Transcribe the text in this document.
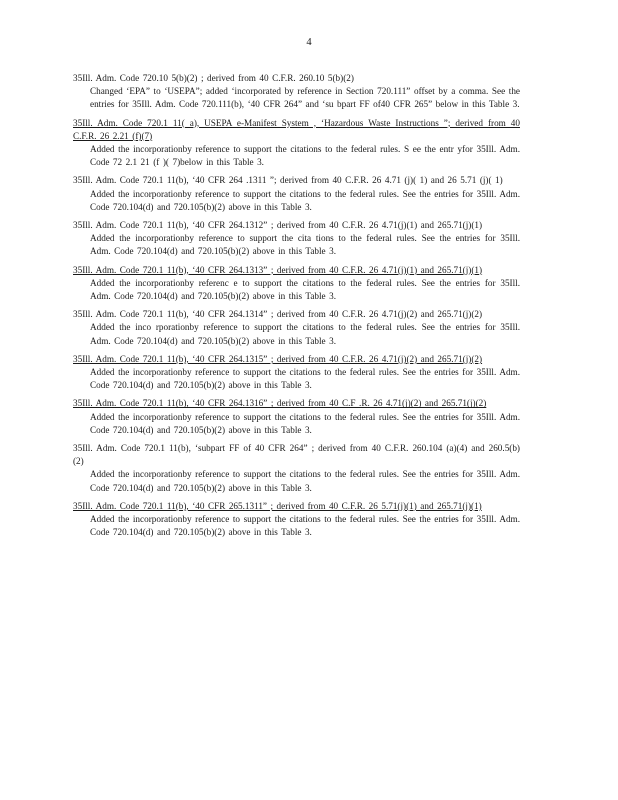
4
35Ill. Adm. Code 720.10 5(b)(2) ; derived from 40 C.F.R. 260.10 5(b)(2)
Changed ‘EPA” to ‘USEPA”; added ‘incorporated by reference in Section 720.111” offset by a comma. See the entries for 35Ill. Adm. Code 720.111(b), ‘40 CFR 264” and ‘su bpart FF of40 CFR 265” below in this Table 3.
35Ill. Adm. Code 720.1 11( a), USEPA e-Manifest System , ‘Hazardous Waste Instructions ”; derived from 40 C.F.R. 26 2.21 (f)(7)
Added the incorporationby reference to support the citations to the federal rules. S ee the entr yfor 35Ill. Adm. Code 72 2.1 21 (f )( 7)below in this Table 3.
35Ill. Adm. Code 720.1 11(b), ‘40 CFR 264 .1311 ”; derived from 40 C.F.R. 26 4.71 (j)( 1) and 26 5.71 (j)( 1)
Added the incorporationby reference to support the citations to the federal rules. See the entries for 35Ill. Adm. Code 720.104(d) and 720.105(b)(2) above in this Table 3.
35Ill. Adm. Code 720.1 11(b), ‘40 CFR 264.1312” ; derived from 40 C.F.R. 26 4.71(j)(1) and 265.71(j)(1)
Added the incorporationby reference to support the cita tions to the federal rules. See the entries for 35Ill. Adm. Code 720.104(d) and 720.105(b)(2) above in this Table 3.
35Ill. Adm. Code 720.1 11(b), ‘40 CFR 264.1313” ; derived from 40 C.F.R. 26 4.71(j)(1) and 265.71(j)(1)
Added the incorporationby referenc e to support the citations to the federal rules. See the entries for 35Ill. Adm. Code 720.104(d) and 720.105(b)(2) above in this Table 3.
35Ill. Adm. Code 720.1 11(b), ‘40 CFR 264.1314” ; derived from 40 C.F.R. 26 4.71(j)(2) and 265.71(j)(2)
Added the inco rporationby reference to support the citations to the federal rules. See the entries for 35Ill. Adm. Code 720.104(d) and 720.105(b)(2) above in this Table 3.
35Ill. Adm. Code 720.1 11(b), ‘40 CFR 264.1315” ; derived from 40 C.F.R. 26 4.71(j)(2) and 265.71(j)(2)
Added the incorporationby reference to support the citations to the federal rules. See the entries for 35Ill. Adm. Code 720.104(d) and 720.105(b)(2) above in this Table 3.
35Ill. Adm. Code 720.1 11(b), ‘40 CFR 264.1316” ; derived from 40 C.F .R. 26 4.71(j)(2) and 265.71(j)(2)
Added the incorporationby reference to support the citations to the federal rules. See the entries for 35Ill. Adm. Code 720.104(d) and 720.105(b)(2) above in this Table 3.
35Ill. Adm. Code 720.1 11(b), ‘subpart FF of 40 CFR 264” ; derived from 40 C.F.R. 260.104 (a)(4) and 260.5(b)(2)
Added the incorporationby reference to support the citations to the federal rules. See the entries for 35Ill. Adm. Code 720.104(d) and 720.105(b)(2) above in this Table 3.
35Ill. Adm. Code 720.1 11(b), ‘40 CFR 265.1311” ; derived from 40 C.F.R. 26 5.71(j)(1) and 265.71(j)(1)
Added the incorporationby reference to support the citations to the federal rules. See the entries for 35Ill. Adm. Code 720.104(d) and 720.105(b)(2) above in this Table 3.
